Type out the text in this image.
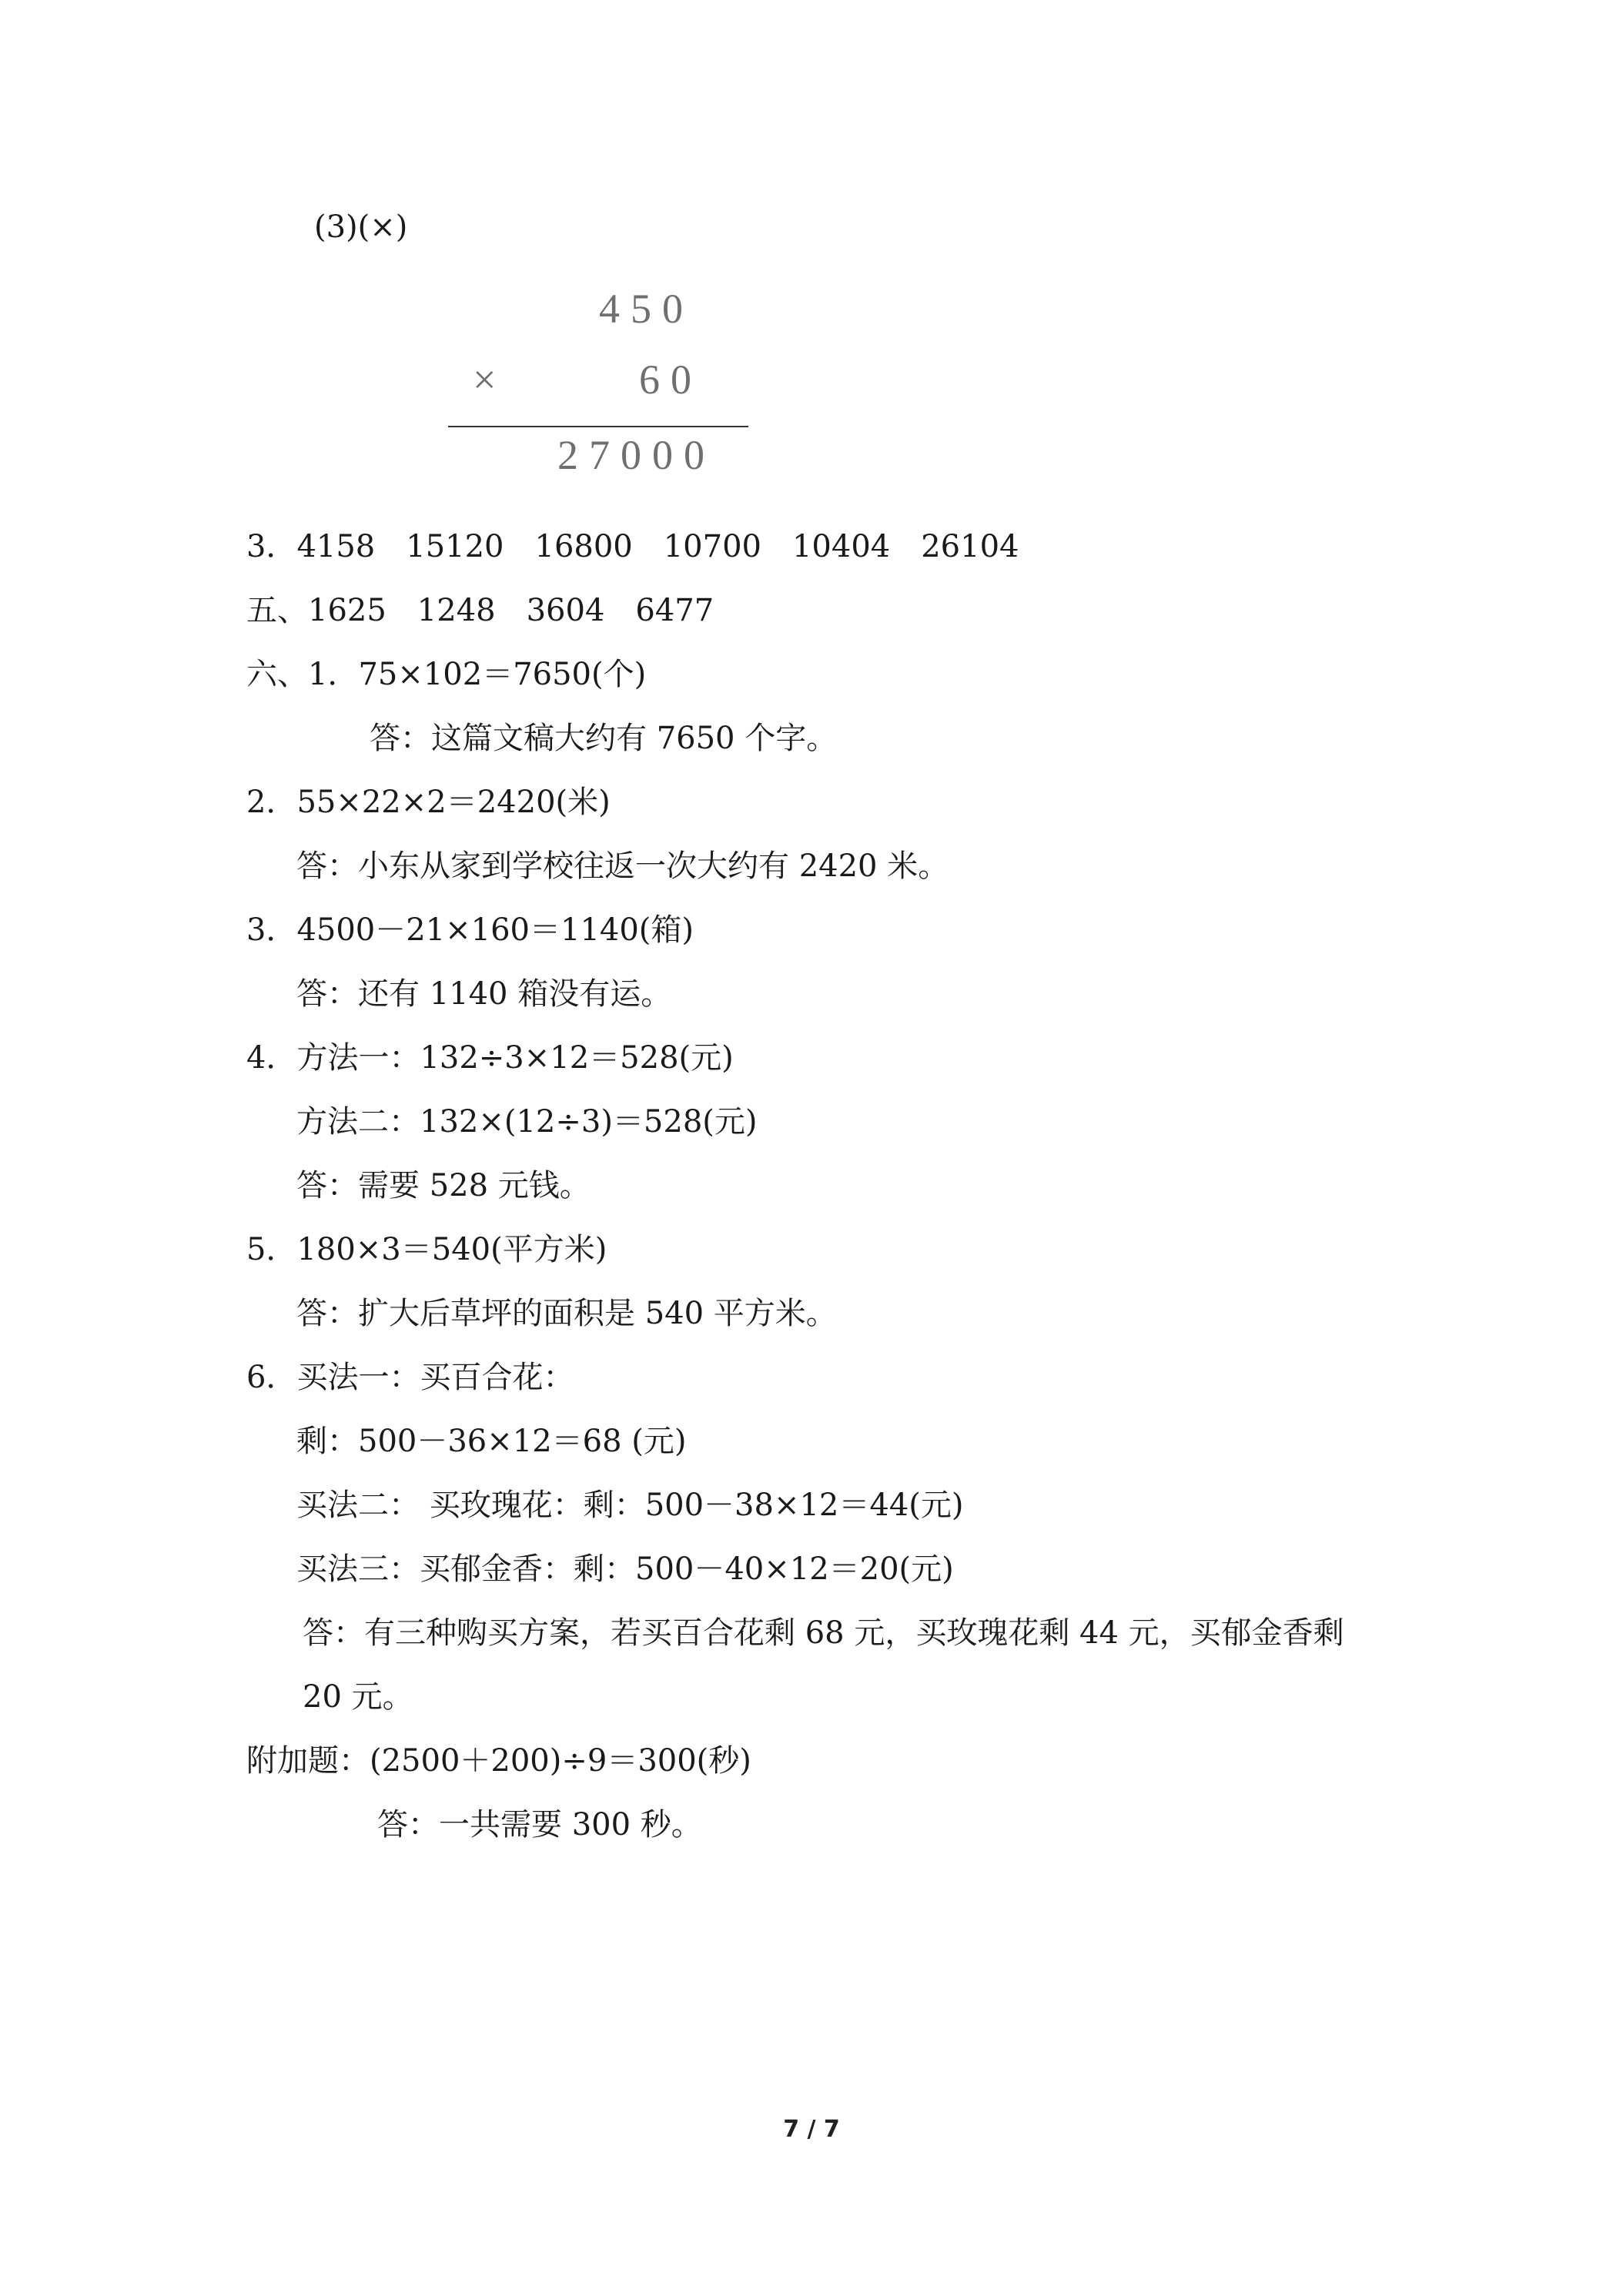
(3)(×)
450
×	60
27000
3．4158　15120　16800　10700　10404　26104
五、1625　1248　3604　6477
六、1．75×102＝7650(个)
答：这篇文稿大约有 7650 个字。
2．55×22×2＝2420(米)
答：小东从家到学校往返一次大约有 2420 米。
3．4500－21×160＝1140(箱)
答：还有 1140 箱没有运。
4．方法一：132÷3×12＝528(元)
方法二：132×(12÷3)＝528(元)
答：需要 528 元钱。
5．180×3＝540(平方米)
答：扩大后草坪的面积是 540 平方米。
6．买法一：买百合花：
剩：500－36×12＝68 (元)
买法二： 买玫瑰花：剩：500－38×12＝44(元)
买法三：买郁金香：剩：500－40×12＝20(元)
答：有三种购买方案，若买百合花剩 68 元，买玫瑰花剩 44 元，买郁金香剩
20 元。
附加题：(2500＋200)÷9＝300(秒)
答：一共需要 300 秒。
7 / 7
